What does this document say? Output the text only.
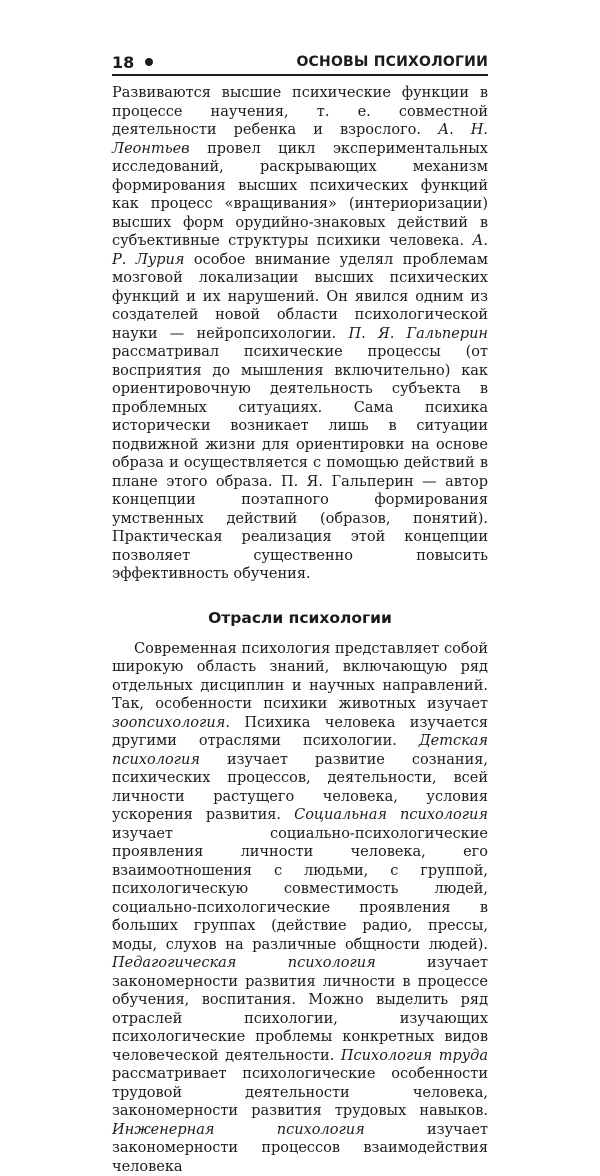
18	ОСНОВЫ ПСИХОЛОГИИ

Развиваются высшие психические функции в процессе научения, т. е. совместной деятельности ребенка и взрослого. А. Н. Леонтьев провел цикл экспериментальных исследований, раскрывающих механизм формирования высших психических функций как процесс «вращивания» (интериоризации) высших форм орудийно-знаковых действий в субъективные структуры психики человека. А. Р. Лурия особое внимание уделял проблемам мозговой локализации высших психических функций и их нарушений. Он явился одним из создателей новой области психологической науки — нейропсихологии. П. Я. Гальперин рассматривал психические процессы (от восприятия до мышления включительно) как ориентировочную деятельность субъекта в проблемных ситуациях. Сама психика исторически возникает лишь в ситуации подвижной жизни для ориентировки на основе образа и осуществляется с помощью действий в плане этого образа. П. Я. Гальперин — автор концепции поэтапного формирования умственных действий (образов, понятий). Практическая реализация этой концепции позволяет существенно повысить эффективность обучения.

Отрасли психологии

Современная психология представляет собой широкую область знаний, включающую ряд отдельных дисциплин и научных направлений. Так, особенности психики животных изучает зоопсихология. Психика человека изучается другими отраслями психологии. Детская психология изучает развитие сознания, психических процессов, деятельности, всей личности растущего человека, условия ускорения развития. Социальная психология изучает социально-психологические проявления личности человека, его взаимоотношения с людьми, с группой, психологическую совместимость людей, социально-психологические проявления в больших группах (действие радио, прессы, моды, слухов на различные общности людей). Педагогическая психология изучает закономерности развития личности в процессе обучения, воспитания. Можно выделить ряд отраслей психологии, изучающих психологические проблемы конкретных видов человеческой деятельности. Психология труда рассматривает психологические особенности трудовой деятельности человека, закономерности развития трудовых навыков. Инженерная психология изучает закономерности процессов взаимодействия человека
